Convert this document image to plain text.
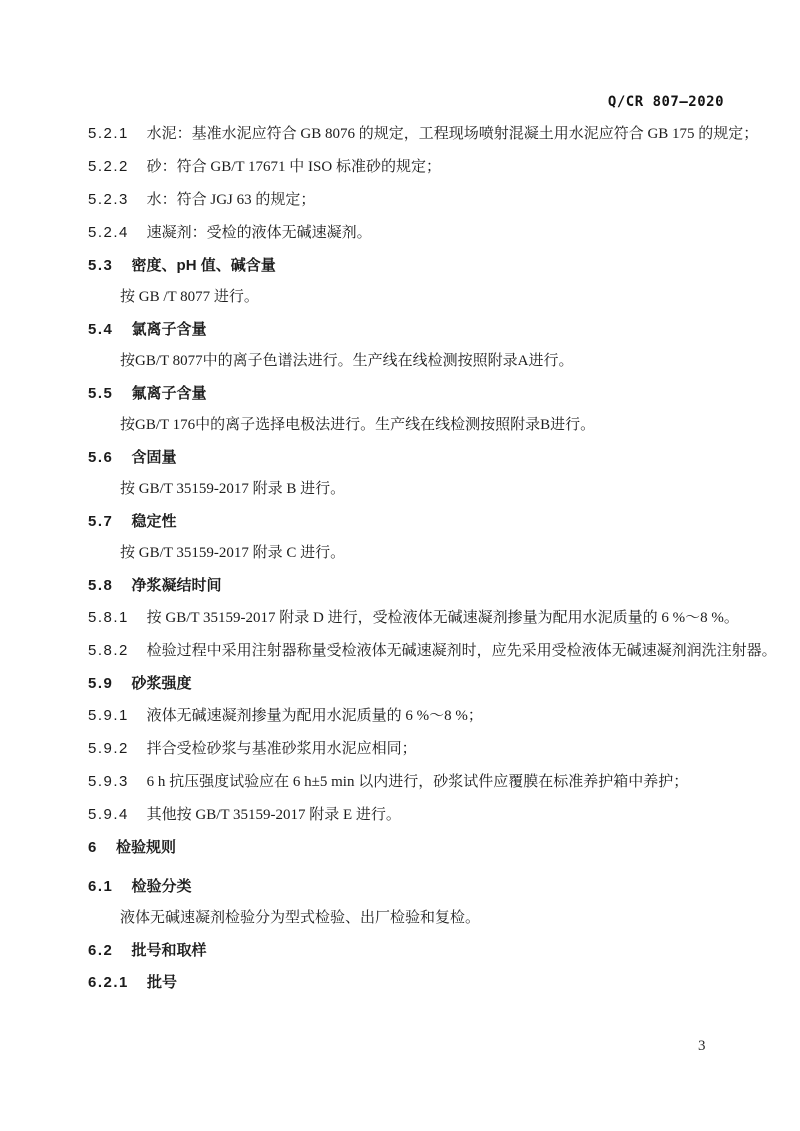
Q/CR 807—2020
5.2.1 水泥：基准水泥应符合 GB 8076 的规定，工程现场喷射混凝土用水泥应符合 GB 175 的规定；
5.2.2 砂：符合 GB/T 17671 中 ISO 标准砂的规定；
5.2.3 水：符合 JGJ 63 的规定；
5.2.4 速凝剂：受检的液体无碱速凝剂。
5.3 密度、pH 值、碱含量
按 GB /T 8077 进行。
5.4 氯离子含量
按GB/T 8077中的离子色谱法进行。生产线在线检测按照附录A进行。
5.5 氟离子含量
按GB/T 176中的离子选择电极法进行。生产线在线检测按照附录B进行。
5.6 含固量
按 GB/T 35159-2017 附录 B 进行。
5.7 稳定性
按 GB/T 35159-2017 附录 C 进行。
5.8 净浆凝结时间
5.8.1 按 GB/T 35159-2017 附录 D 进行，受检液体无碱速凝剂掺量为配用水泥质量的 6 %～8 %。
5.8.2 检验过程中采用注射器称量受检液体无碱速凝剂时，应先采用受检液体无碱速凝剂润洗注射器。
5.9 砂浆强度
5.9.1 液体无碱速凝剂掺量为配用水泥质量的 6 %～8 %；
5.9.2 拌合受检砂浆与基准砂浆用水泥应相同；
5.9.3 6 h 抗压强度试验应在 6 h±5 min 以内进行，砂浆试件应覆膜在标准养护箱中养护；
5.9.4 其他按 GB/T 35159-2017 附录 E 进行。
6 检验规则
6.1 检验分类
液体无碱速凝剂检验分为型式检验、出厂检验和复检。
6.2 批号和取样
6.2.1 批号
3
